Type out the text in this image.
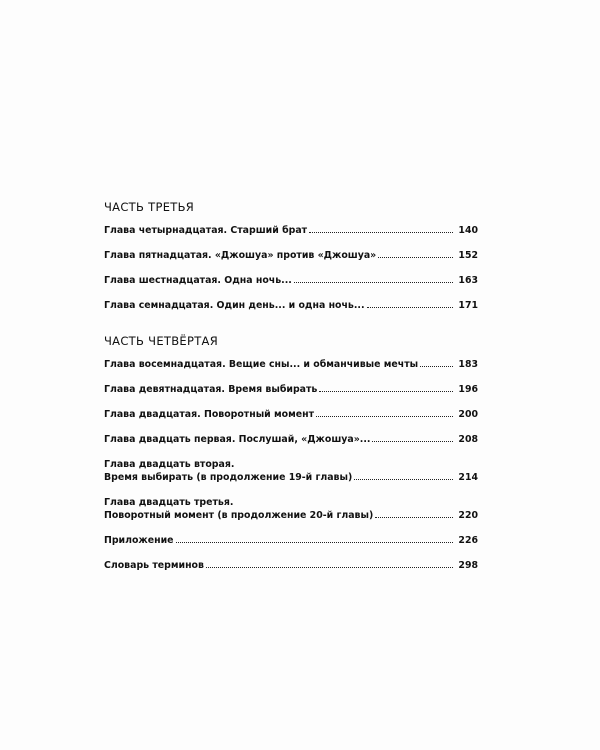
ЧАСТЬ ТРЕТЬЯ
Глава четырнадцатая. Старший брат	140
Глава пятнадцатая. «Джошуа» против «Джошуа»	152
Глава шестнадцатая. Одна ночь...	163
Глава семнадцатая. Один день... и одна ночь...	171
ЧАСТЬ ЧЕТВЁРТАЯ
Глава восемнадцатая. Вещие сны... и обманчивые мечты	183
Глава девятнадцатая. Время выбирать	196
Глава двадцатая. Поворотный момент	200
Глава двадцать первая. Послушай, «Джошуа»...	208
Глава двадцать вторая.
Время выбирать (в продолжение 19-й главы)	214
Глава двадцать третья.
Поворотный момент (в продолжение 20-й главы)	220
Приложение	226
Словарь терминов	298
